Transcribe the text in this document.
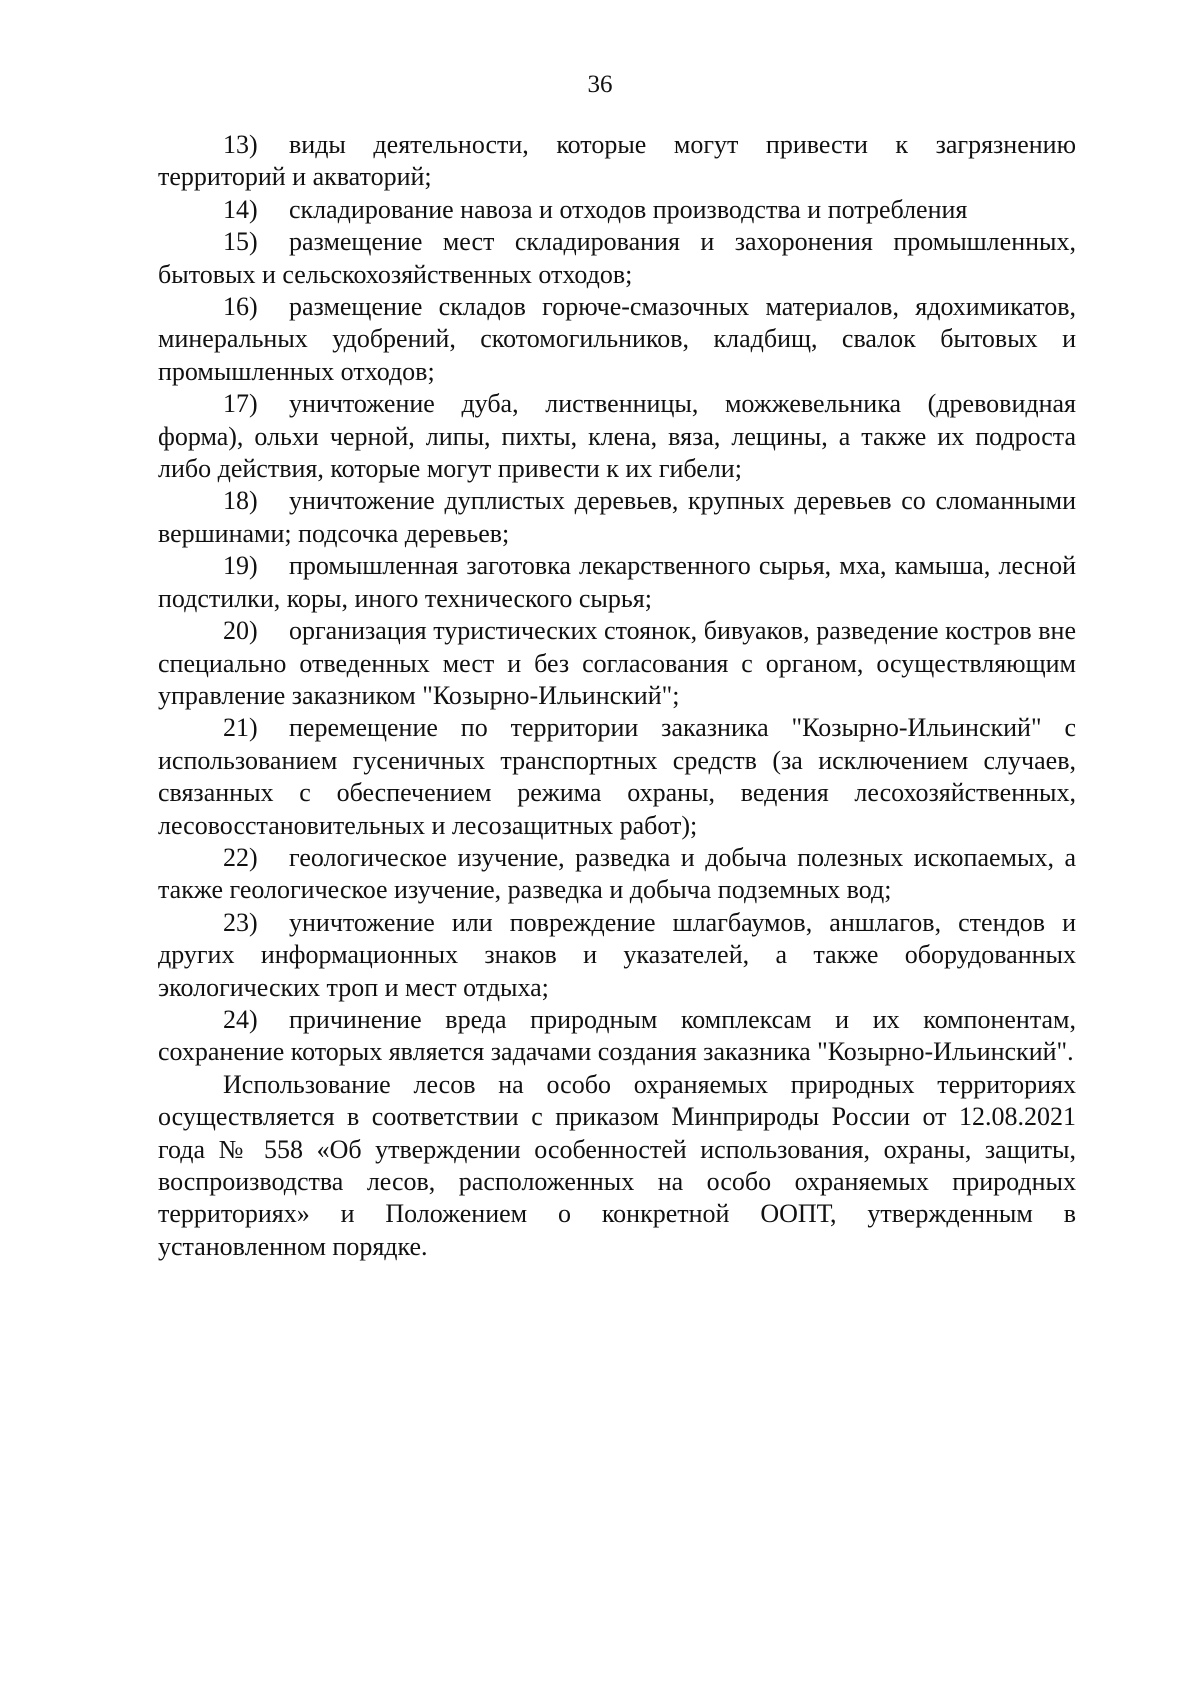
36

13) виды деятельности, которые могут привести к загрязнению территорий и акваторий;

14) складирование навоза и отходов производства и потребления

15) размещение мест складирования и захоронения промышленных, бытовых и сельскохозяйственных отходов;

16) размещение складов горюче-смазочных материалов, ядохимикатов, минеральных удобрений, скотомогильников, кладбищ, свалок бытовых и промышленных отходов;

17) уничтожение дуба, лиственницы, можжевельника (древовидная форма), ольхи черной, липы, пихты, клена, вяза, лещины, а также их подроста либо действия, которые могут привести к их гибели;

18) уничтожение дуплистых деревьев, крупных деревьев со сломанными вершинами; подсочка деревьев;

19) промышленная заготовка лекарственного сырья, мха, камыша, лесной подстилки, коры, иного технического сырья;

20) организация туристических стоянок, бивуаков, разведение костров вне специально отведенных мест и без согласования с органом, осуществляющим управление заказником "Козырно-Ильинский";

21) перемещение по территории заказника "Козырно-Ильинский" с использованием гусеничных транспортных средств (за исключением случаев, связанных с обеспечением режима охраны, ведения лесохозяйственных, лесовосстановительных и лесозащитных работ);

22) геологическое изучение, разведка и добыча полезных ископаемых, а также геологическое изучение, разведка и добыча подземных вод;

23) уничтожение или повреждение шлагбаумов, аншлагов, стендов и других информационных знаков и указателей, а также оборудованных экологических троп и мест отдыха;

24) причинение вреда природным комплексам и их компонентам, сохранение которых является задачами создания заказника "Козырно-Ильинский".

Использование лесов на особо охраняемых природных территориях осуществляется в соответствии с приказом Минприроды России от 12.08.2021 года № 558 «Об утверждении особенностей использования, охраны, защиты, воспроизводства лесов, расположенных на особо охраняемых природных территориях» и Положением о конкретной ООПТ, утвержденным в установленном порядке.
